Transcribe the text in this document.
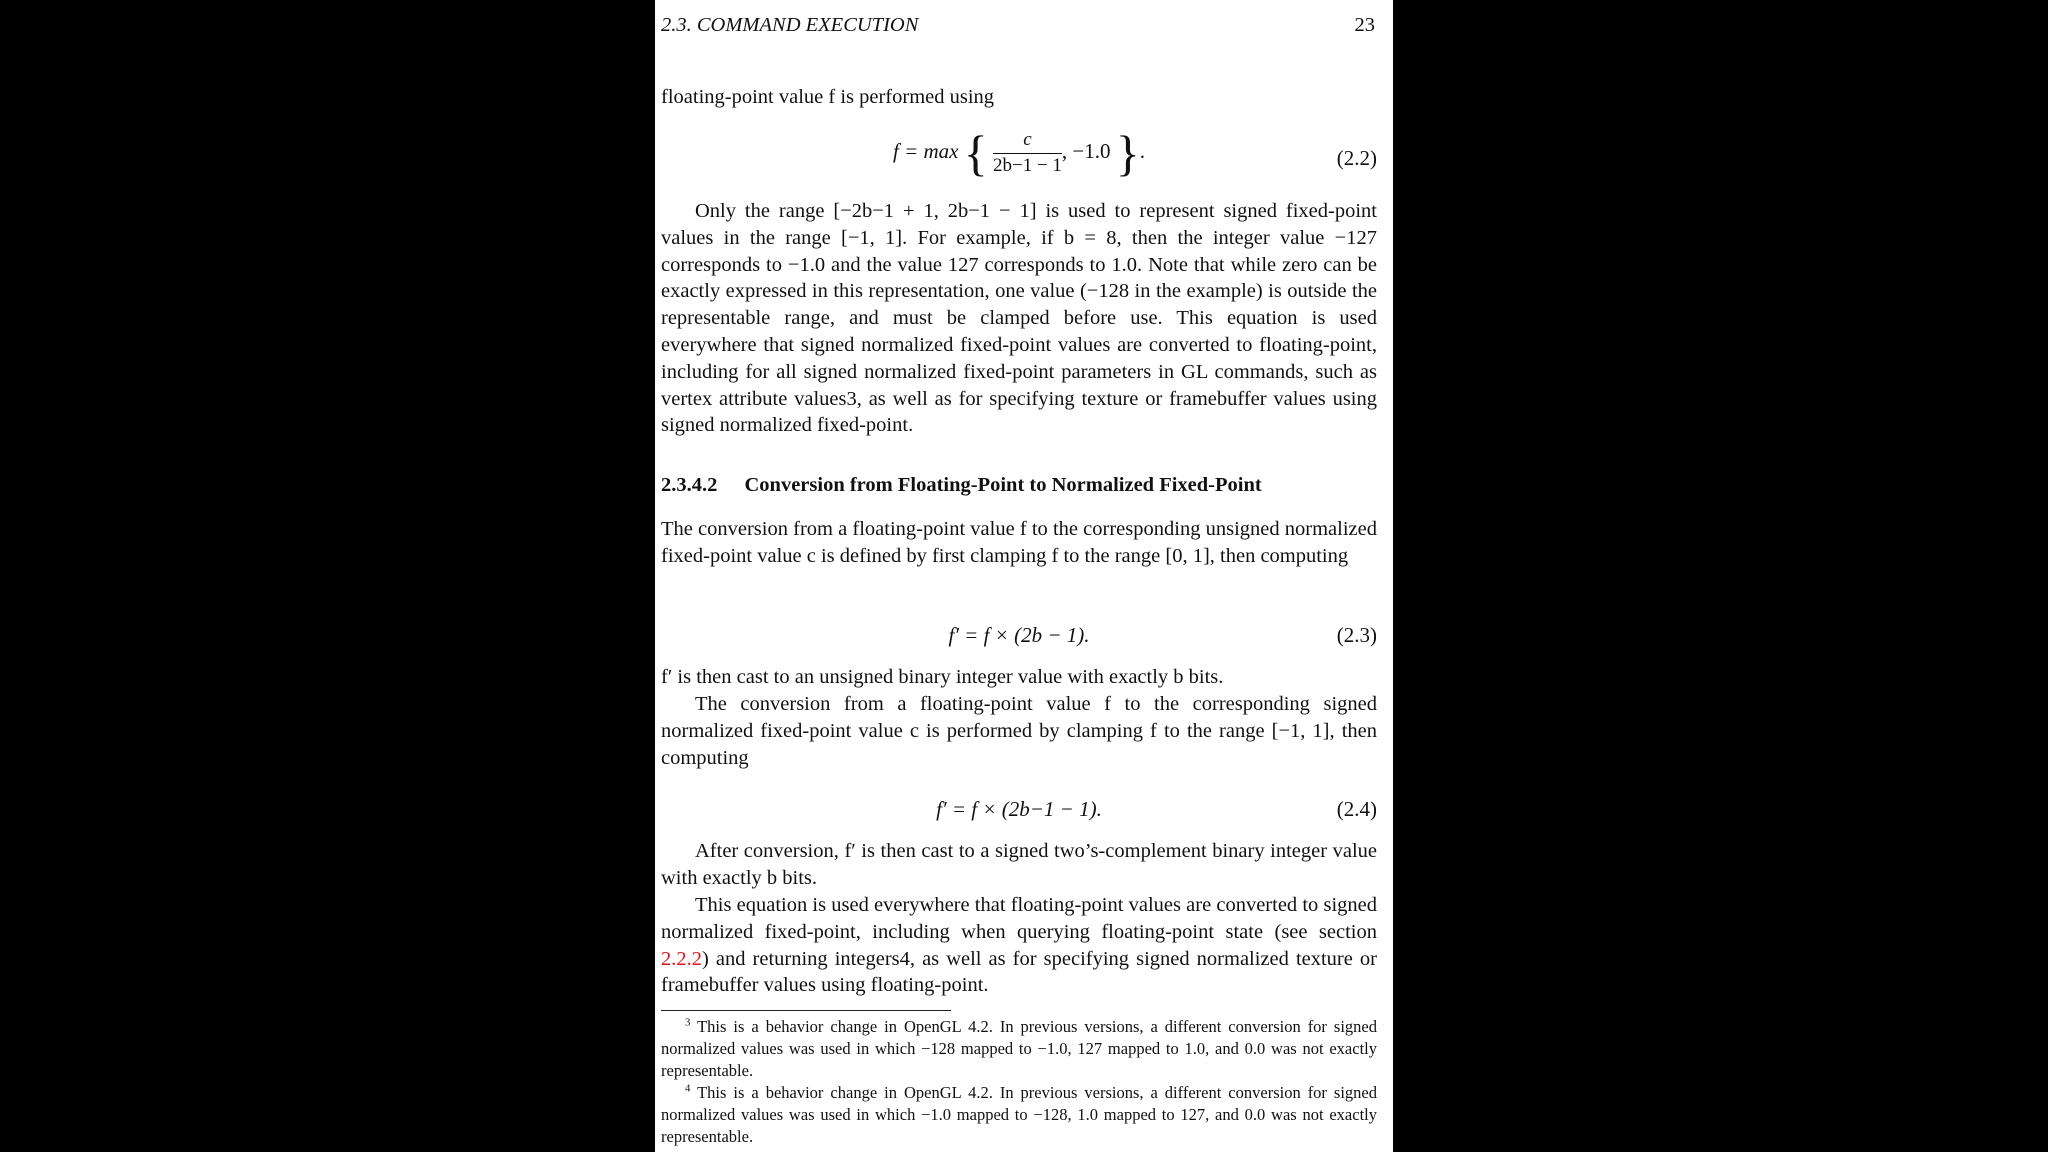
2.3. COMMAND EXECUTION	23
floating-point value f is performed using
f = max { $\frac{c}{2b-1 - 1}$ , −1.0 }.	(2.2)
Only the range [−2b−1 + 1, 2b−1 − 1] is used to represent signed fixed-point values in the range [−1, 1]. For example, if b = 8, then the integer value −127 corresponds to −1.0 and the value 127 corresponds to 1.0. Note that while zero can be exactly expressed in this representation, one value (−128 in the example) is outside the representable range, and must be clamped before use. This equation is used everywhere that signed normalized fixed-point values are converted to floating-point, including for all signed normalized fixed-point parameters in GL commands, such as vertex attribute values3, as well as for specifying texture or framebuffer values using signed normalized fixed-point.
2.3.4.2 Conversion from Floating-Point to Normalized Fixed-Point
The conversion from a floating-point value f to the corresponding unsigned normalized fixed-point value c is defined by first clamping f to the range [0, 1], then computing
f′ = f × (2b − 1).	(2.3)
f′ is then cast to an unsigned binary integer value with exactly b bits.
The conversion from a floating-point value f to the corresponding signed normalized fixed-point value c is performed by clamping f to the range [−1, 1], then computing
f′ = f × (2b−1 − 1).	(2.4)
After conversion, f′ is then cast to a signed two’s-complement binary integer value with exactly b bits.
This equation is used everywhere that floating-point values are converted to signed normalized fixed-point, including when querying floating-point state (see section 2.2.2) and returning integers4, as well as for specifying signed normalized texture or framebuffer values using floating-point.
$^3$ This is a behavior change in OpenGL 4.2. In previous versions, a different conversion for signed normalized values was used in which −128 mapped to −1.0, 127 mapped to 1.0, and 0.0 was not exactly representable.
$^4$ This is a behavior change in OpenGL 4.2. In previous versions, a different conversion for signed normalized values was used in which −1.0 mapped to −128, 1.0 mapped to 127, and 0.0 was not exactly representable.
